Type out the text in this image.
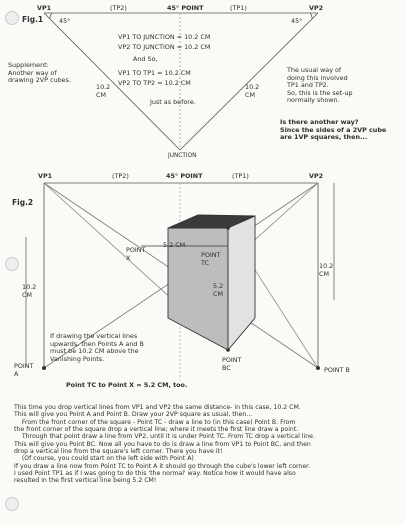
Fig.1
VP1	(TP2)	45° POINT	(TP1)	VP2
45°	45°
VP1 TO JUNCTION = 10.2 CM
VP2 TO JUNCTION = 10.2 CM
And So,
VP1 TO TP1 = 10.2 CM
VP2 TO TP2 = 10.2 CM
Just as before.
10.2
CM
10.2
CM
JUNCTION
Supplement:
Another way of
drawing 2VP cubes.
The usual way of
doing this involved
TP1 and TP2.
So, this is the set-up
normally shown.
Is there another way?
Since the sides of a 2VP cube
are 1VP squares, then...
VP1	(TP2)	45° POINT	(TP1)	VP2
Fig.2
POINT
X
5.2 CM
POINT
TC
10.2
CM
10.2
CM
5.2
CM
POINT
BC
POINT
A	POINT B
If drawing the vertical lines
upwards, then Points A and B
must be 10.2 CM above the
Vanishing Points.
Point TC to Point X = 5.2 CM, too.
This time you drop vertical lines from VP1 and VP2 the same distance- in this case, 10.2 CM.
This will give you Point A and Point B. Draw your 2VP square as usual, then...
From the front corner of the square - Point TC - draw a line to (in this case) Point B. From
the front corner of the square drop a vertical line; where it meets the first line draw a point.
Through that point draw a line from VP2, until it is under Point TC. From TC drop a vertical line.
This will give you Point BC. Now all you have to do is draw a line from VP1 to Point BC, and then
drop a vertical line from the square's left corner. There you have it!
(Of course, you could start on the left side with Point A)
If you draw a line now from Point TC to Point A it should go through the cube's lower left corner.
I used Point TP1 as if I was going to do this 'the normal' way. Notice how it would have also
resulted in the first vertical line being 5.2 CM!
